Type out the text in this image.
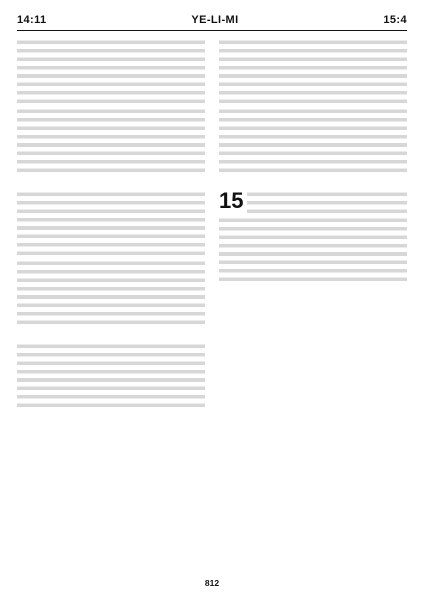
14:11	YE-LI-MI	15:4

15

812
